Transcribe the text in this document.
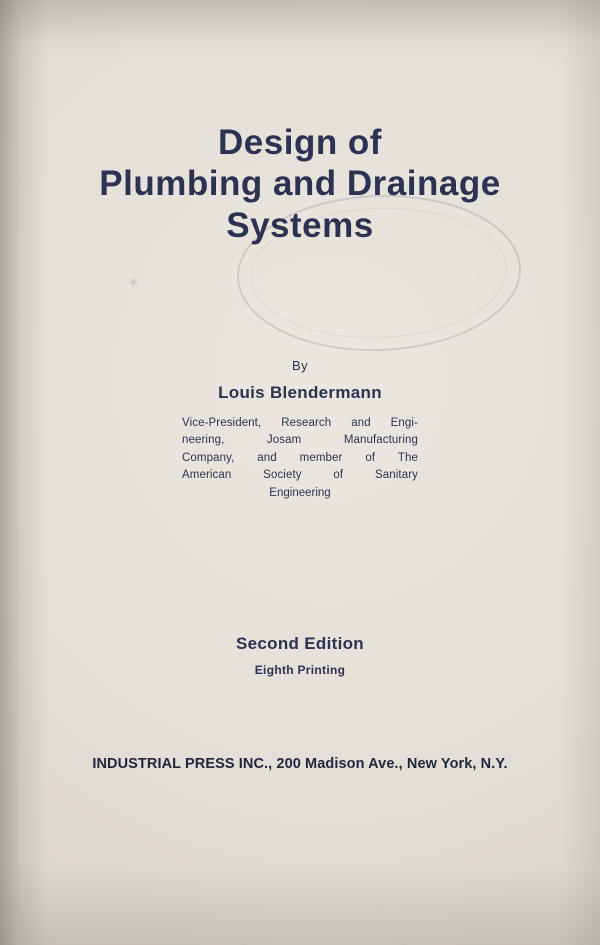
✳
Design of
Plumbing and Drainage
Systems
By
Louis Blendermann
Vice-President, Research and Engi-
neering, Josam Manufacturing
Company, and member of The
American Society of Sanitary
Engineering
Second Edition
Eighth Printing
INDUSTRIAL PRESS INC., 200 Madison Ave., New York, N.Y.
